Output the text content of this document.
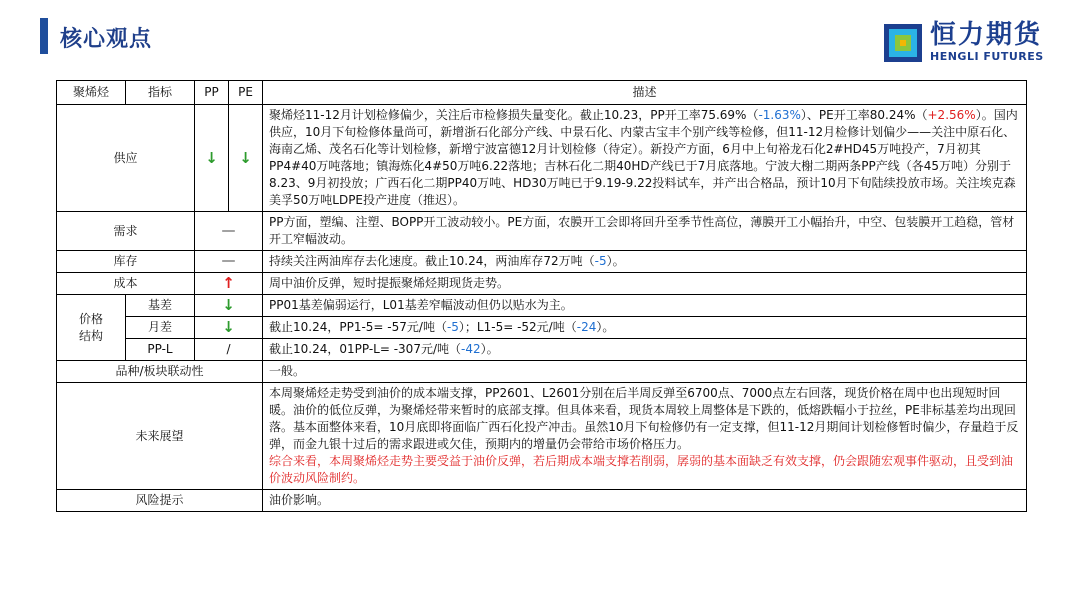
核心观点	恒力期货
HENGLI FUTURES
聚烯烃	指标	PP	PE	描述
供应		↓	↓	聚烯烃11-12月计划检修偏少，关注后市检修损失量变化。截止10.23，PP开工率75.69%（-1.63%）、PE开工率80.24%（+2.56%）。国内供应，10月下旬检修体量尚可，新增浙石化部分产线、中景石化、内蒙古宝丰个别产线等检修，但11-12月检修计划偏少——关注中原石化、海南乙烯、茂名石化等计划检修，新增宁波富德12月计划检修（待定）。新投产方面，6月中上旬裕龙石化2#HD45万吨投产，7月初其PP4#40万吨落地；镇海炼化4#50万吨6.22落地；吉林石化二期40HD产线已于7月底落地。宁波大榭二期两条PP产线（各45万吨）分别于8.23、9月初投放；广西石化二期PP40万吨、HD30万吨已于9.19-9.22投料试车，并产出合格品，预计10月下旬陆续投放市场。关注埃克森美孚50万吨LDPE投产进度（推迟）。
需求		—		PP方面，塑编、注塑、BOPP开工波动较小。PE方面，农膜开工会即将回升至季节性高位，薄膜开工小幅抬升，中空、包装膜开工趋稳，管材开工窄幅波动。
库存		—		持续关注两油库存去化速度。截止10.24，两油库存72万吨（-5）。
成本		↑		周中油价反弹，短时提振聚烯烃期现货走势。
价格
结构	基差	↓		PP01基差偏弱运行，L01基差窄幅波动但仍以贴水为主。
	月差	↓		截止10.24，PP1-5= -57元/吨（-5）；L1-5= -52元/吨（-24）。
	PP-L	/		截止10.24，01PP-L= -307元/吨（-42）。
品种/板块联动性				一般。
未来展望				本周聚烯烃走势受到油价的成本端支撑，PP2601、L2601分别在后半周反弹至6700点、7000点左右回落，现货价格在周中也出现短时回暖。油价的低位反弹，为聚烯烃带来暂时的底部支撑。但具体来看，现货本周较上周整体是下跌的，低熔跌幅小于拉丝，PE非标基差均出现回落。基本面整体来看，10月底即将面临广西石化投产冲击。虽然10月下旬检修仍有一定支撑，但11-12月期间计划检修暂时偏少，存量趋于反弹，而金九银十过后的需求跟进或欠佳，预期内的增量仍会带给市场价格压力。
综合来看，本周聚烯烃走势主要受益于油价反弹，若后期成本端支撑若削弱，孱弱的基本面缺乏有效支撑，仍会跟随宏观事件驱动，且受到油价波动风险制约。
风险提示				油价影响。
